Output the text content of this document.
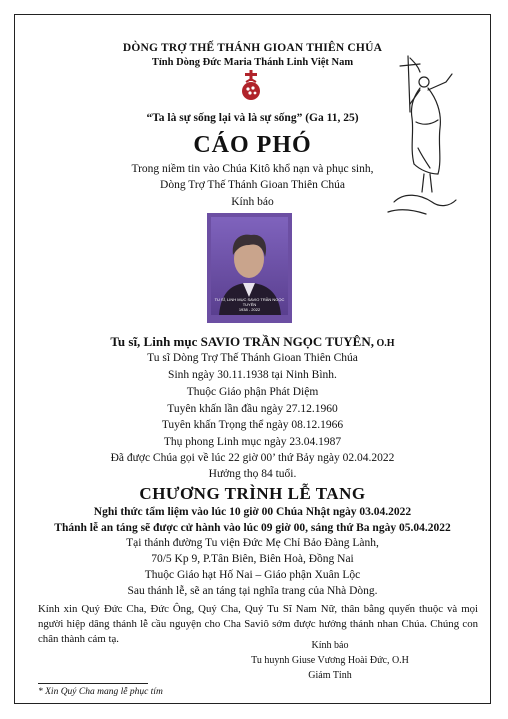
DÒNG TRỢ THẾ THÁNH GIOAN THIÊN CHÚA
Tỉnh Dòng Đức Maria Thánh Linh Việt Nam
“Ta là sự sống lại và là sự sống” (Ga 11, 25)
CÁO PHÓ
Trong niềm tin vào Chúa Kitô khổ nạn và phục sinh,
Dòng Trợ Thế Thánh Gioan Thiên Chúa
Kính báo
TU SĨ, LINH MỤC SAVIO TRẦN NGỌC TUYÊN
1938 - 2022
Tu sĩ, Linh mục SAVIO TRẦN NGỌC TUYÊN, O.H
Tu sĩ Dòng Trợ Thế Thánh Gioan Thiên Chúa
Sinh ngày 30.11.1938 tại Ninh Bình.
Thuộc Giáo phận Phát Diệm
Tuyên khấn lần đầu ngày 27.12.1960
Tuyên khấn Trọng thể ngày 08.12.1966
Thụ phong Linh mục ngày 23.04.1987
Đã được Chúa gọi về lúc 22 giờ 00’ thứ Bảy ngày 02.04.2022
Hưởng thọ 84 tuổi.
CHƯƠNG TRÌNH LỄ TANG
Nghi thức tẩm liệm vào lúc 10 giờ 00 Chúa Nhật ngày 03.04.2022
Thánh lễ an táng sẽ được cử hành vào lúc 09 giờ 00, sáng thứ Ba ngày 05.04.2022
Tại thánh đường Tu viện Đức Mẹ Chỉ Bảo Đàng Lành,
70/5 Kp 9, P.Tân Biên, Biên Hoà, Đồng Nai
Thuộc Giáo hạt Hố Nai – Giáo phận Xuân Lộc
Sau thánh lễ, sẽ an táng tại nghĩa trang của Nhà Dòng.
Kính xin Quý Đức Cha, Đức Ông, Quý Cha, Quý Tu Sĩ Nam Nữ, thân bằng quyến thuộc và mọi người hiệp dâng thánh lễ cầu nguyện cho Cha Saviô sớm được hưởng thánh nhan Chúa. Chúng con chân thành cảm tạ.
Kính báo
Tu huynh Giuse Vương Hoài Đức, O.H
Giám Tỉnh
* Xin Quý Cha mang lễ phục tím
